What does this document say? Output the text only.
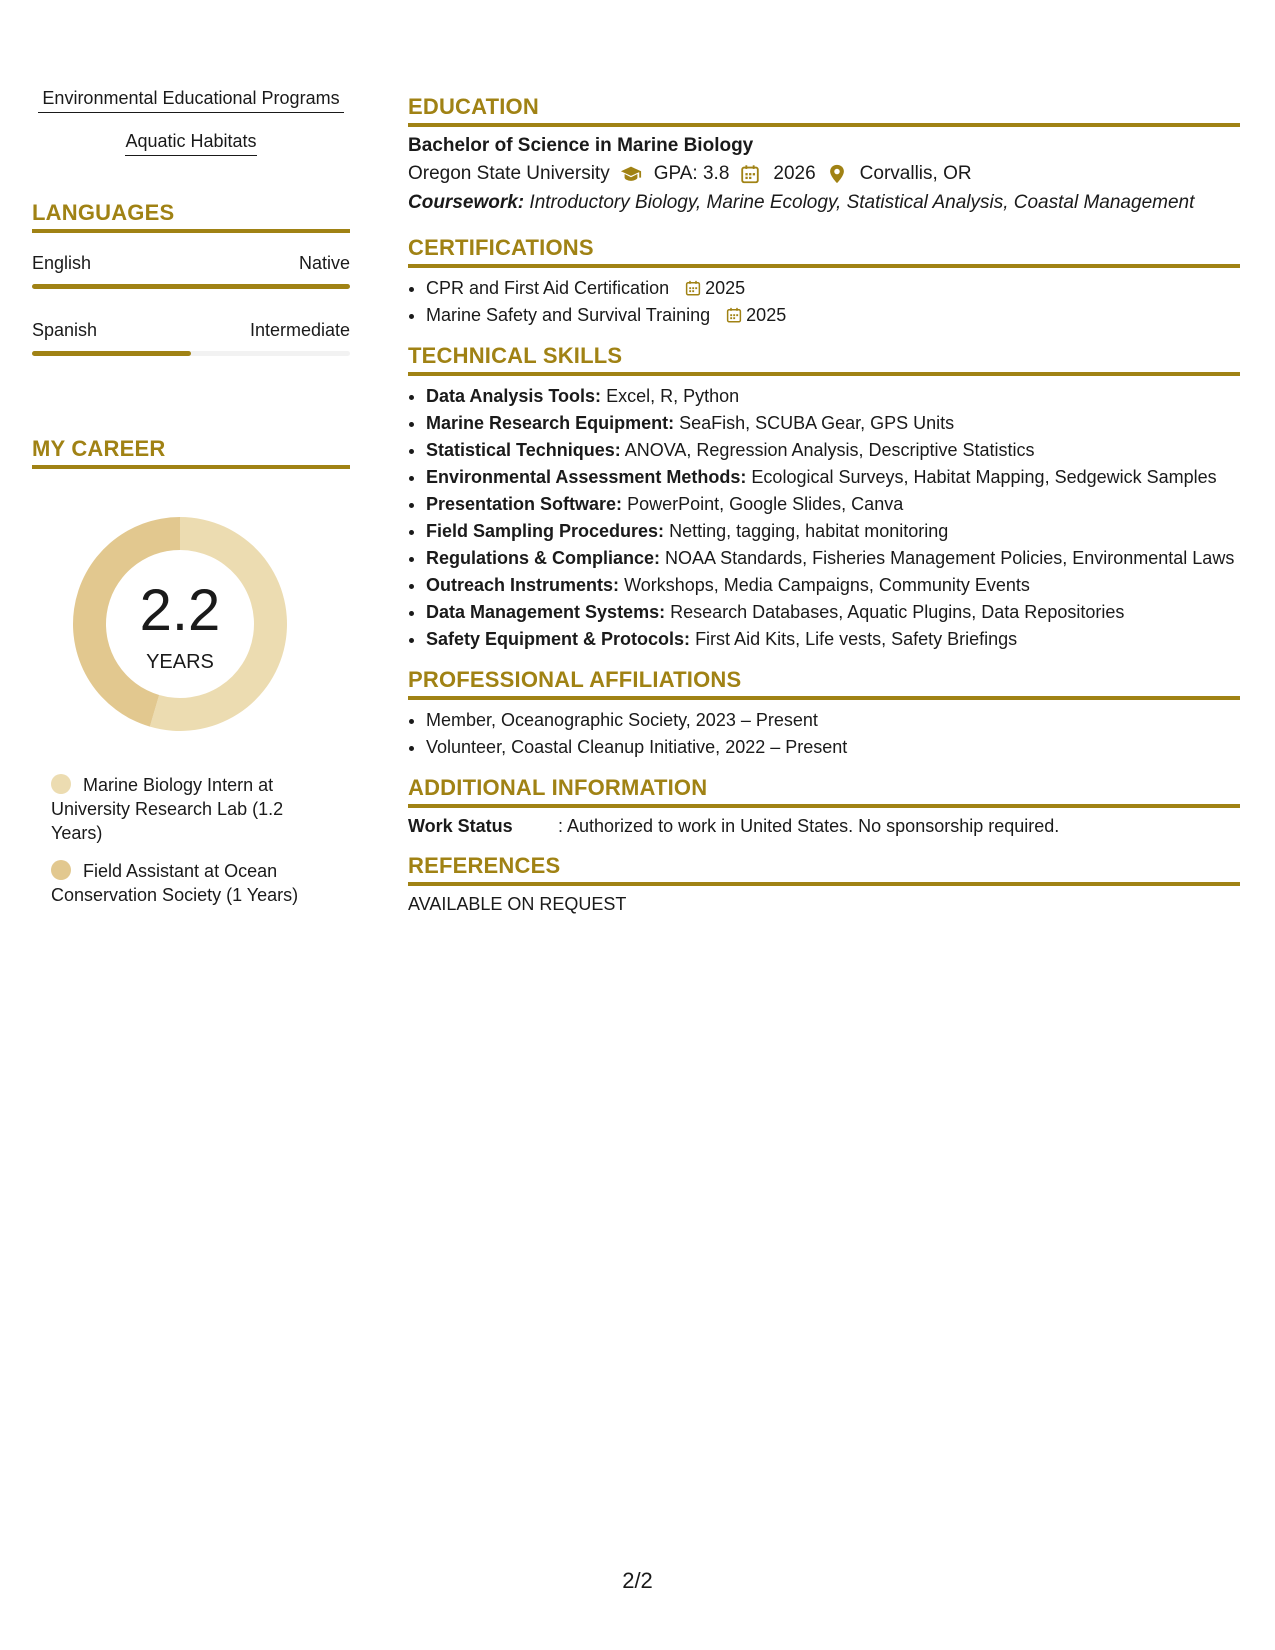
Environmental Educational Programs
Aquatic Habitats
LANGUAGES
English	Native
Spanish	Intermediate
MY CAREER
2.2
YEARS
Marine Biology Intern at University Research Lab (1.2 Years)
Field Assistant at Ocean Conservation Society (1 Years)
EDUCATION
Bachelor of Science in Marine Biology
Oregon State University GPA: 3.8 2026 Corvallis, OR
Coursework: Introductory Biology, Marine Ecology, Statistical Analysis, Coastal Management
CERTIFICATIONS
• CPR and First Aid Certification 2025
• Marine Safety and Survival Training 2025
TECHNICAL SKILLS
• Data Analysis Tools: Excel, R, Python
• Marine Research Equipment: SeaFish, SCUBA Gear, GPS Units
• Statistical Techniques: ANOVA, Regression Analysis, Descriptive Statistics
• Environmental Assessment Methods: Ecological Surveys, Habitat Mapping, Sedgewick Samples
• Presentation Software: PowerPoint, Google Slides, Canva
• Field Sampling Procedures: Netting, tagging, habitat monitoring
• Regulations & Compliance: NOAA Standards, Fisheries Management Policies, Environmental Laws
• Outreach Instruments: Workshops, Media Campaigns, Community Events
• Data Management Systems: Research Databases, Aquatic Plugins, Data Repositories
• Safety Equipment & Protocols: First Aid Kits, Life vests, Safety Briefings
PROFESSIONAL AFFILIATIONS
• Member, Oceanographic Society, 2023 – Present
• Volunteer, Coastal Cleanup Initiative, 2022 – Present
ADDITIONAL INFORMATION
Work Status	: Authorized to work in United States. No sponsorship required.
REFERENCES
AVAILABLE ON REQUEST
2/2
